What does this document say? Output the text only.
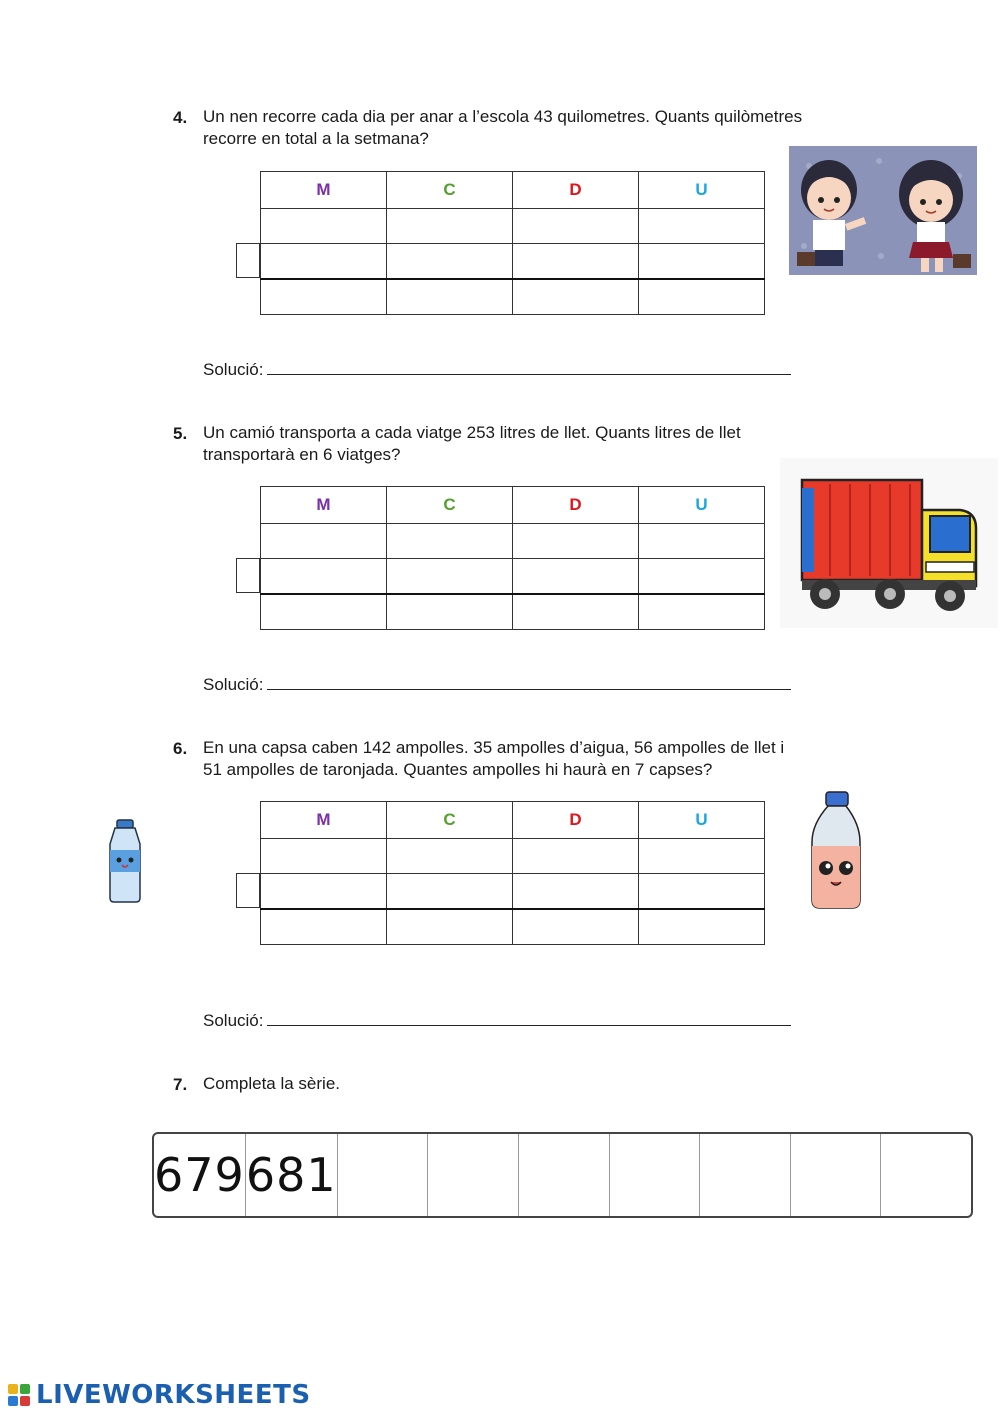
4. Un nen recorre cada dia per anar a l’escola 43 quilometres. Quants quilòmetres
recorre en total a la setmana?
M	C	D	U

Solució:
5. Un camió transporta a cada viatge 253 litres de llet. Quants litres de llet
transportarà en 6 viatges?
M	C	D	U

Solució:
6. En una capsa caben 142 ampolles. 35 ampolles d’aigua, 56 ampolles de llet i
51 ampolles de taronjada. Quantes ampolles hi haurà en 7 capses?
M	C	D	U

Solució:
7. Completa la sèrie.
679 681
LIVEWORKSHEETS
